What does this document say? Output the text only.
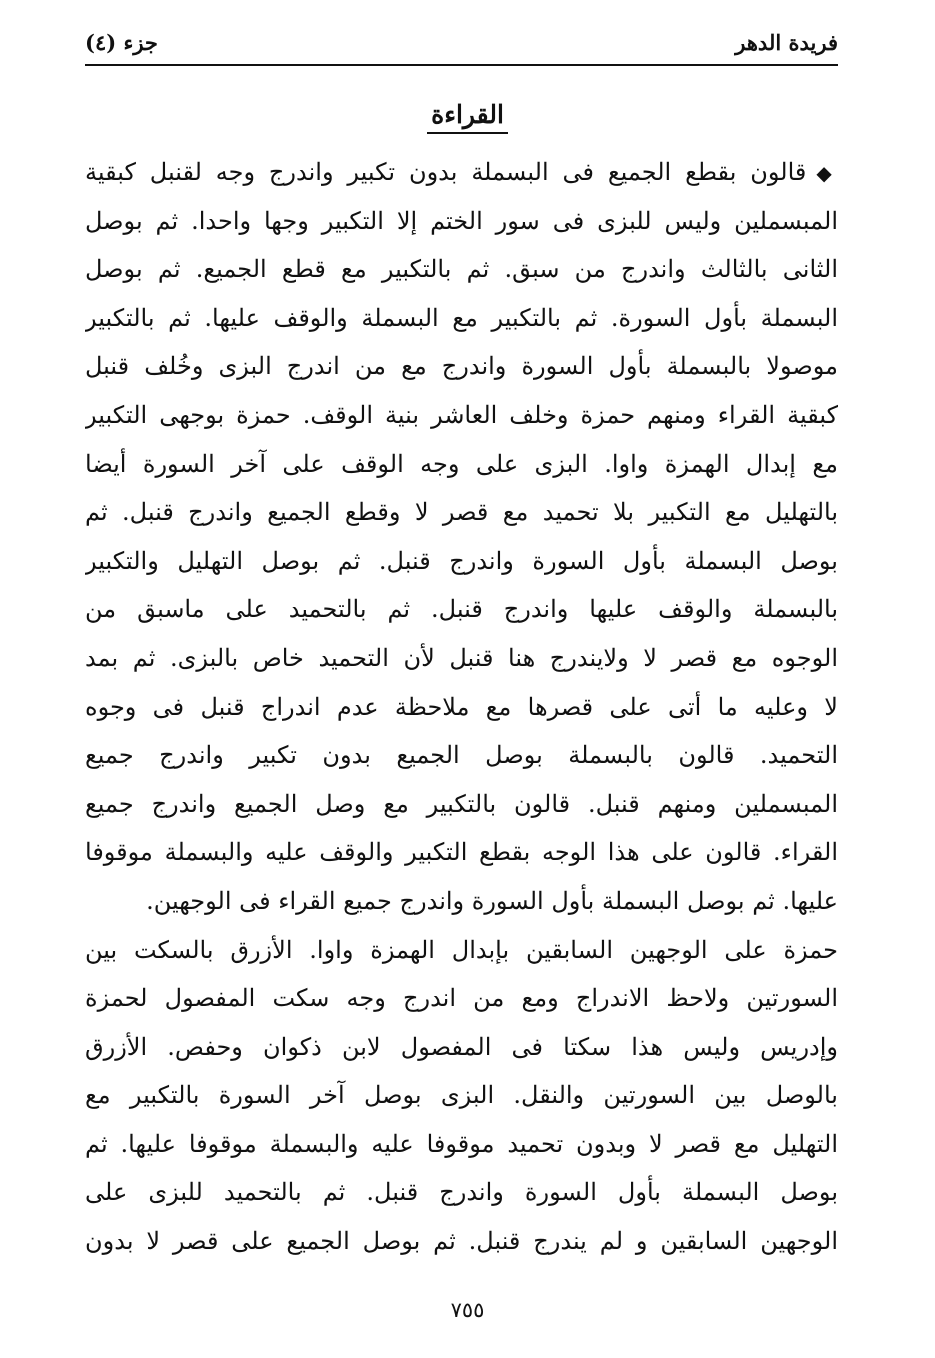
فريدة الدهر
جزء (٤)
القراءة
◆قالون بقطع الجميع فى البسملة بدون تكبير واندرج وجه لقنبل كبقية
المبسملين وليس للبزى فى سور الختم إلا التكبير وجها واحدا. ثم بوصل
الثانى بالثالث واندرج من سبق. ثم بالتكبير مع قطع الجميع. ثم بوصل
البسملة بأول السورة. ثم بالتكبير مع البسملة والوقف عليها. ثم بالتكبير
موصولا بالبسملة بأول السورة واندرج مع من اندرج البزى وخُلف قنبل
كبقية القراء ومنهم حمزة وخلف العاشر بنية الوقف. حمزة بوجهى التكبير
مع إبدال الهمزة واوا. البزى على وجه الوقف على آخر السورة أيضا
بالتهليل مع التكبير بلا تحميد مع قصر لا وقطع الجميع واندرج قنبل. ثم
بوصل البسملة بأول السورة واندرج قنبل. ثم بوصل التهليل والتكبير
بالبسملة والوقف عليها واندرج قنبل. ثم بالتحميد على ماسبق من
الوجوه مع قصر لا ولايندرج هنا قنبل لأن التحميد خاص بالبزى. ثم بمد
لا وعليه ما أتى على قصرها مع ملاحظة عدم اندراج قنبل فى وجوه
التحميد. قالون بالبسملة بوصل الجميع بدون تكبير واندرج جميع
المبسملين ومنهم قنبل. قالون بالتكبير مع وصل الجميع واندرج جميع
القراء. قالون على هذا الوجه بقطع التكبير والوقف عليه والبسملة موقوفا
عليها. ثم بوصل البسملة بأول السورة واندرج جميع القراء فى الوجهين.
حمزة على الوجهين السابقين بإبدال الهمزة واوا. الأزرق بالسكت بين
السورتين ولاحظ الاندراج ومع من اندرج وجه سكت المفصول لحمزة
وإدريس وليس هذا سكتا فى المفصول لابن ذكوان وحفص. الأزرق
بالوصل بين السورتين والنقل. البزى بوصل آخر السورة بالتكبير مع
التهليل مع قصر لا وبدون تحميد موقوفا عليه والبسملة موقوفا عليها. ثم
بوصل البسملة بأول السورة واندرج قنبل. ثم بالتحميد للبزى على
الوجهين السابقين و لم يندرج قنبل. ثم بوصل الجميع على قصر لا بدون
٧٥٥
